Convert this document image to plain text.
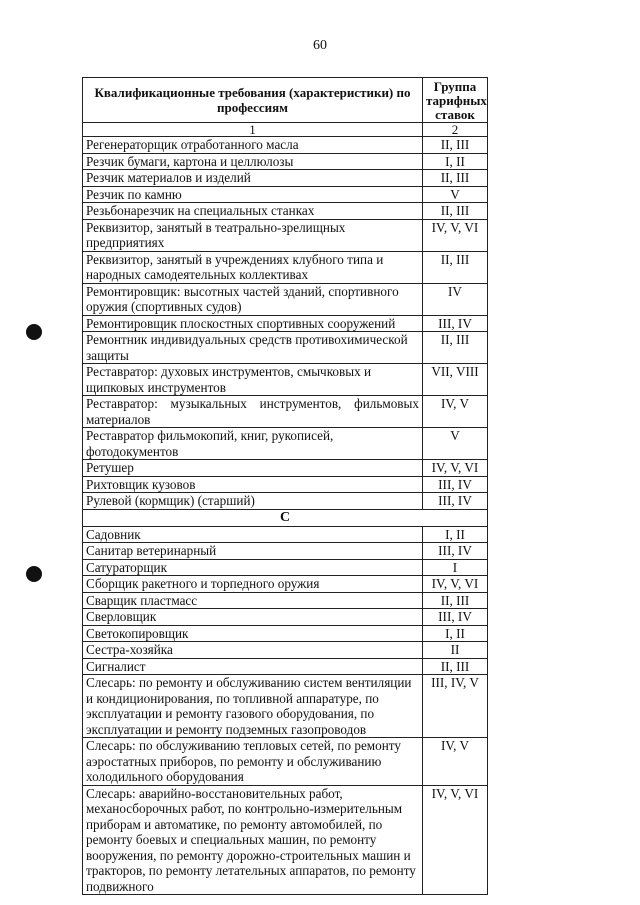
60
Квалификационные требования (характеристики) по профессиям	Группа тарифных ставок
1	2
Регенераторщик отработанного масла	II, III
Резчик бумаги, картона и целлюлозы	I, II
Резчик материалов и изделий	II, III
Резчик по камню	V
Резьбонарезчик на специальных станках	II, III
Реквизитор, занятый в театрально-зрелищных предприятиях	IV, V, VI
Реквизитор, занятый в учреждениях клубного типа и народных самодеятельных коллективах	II, III
Ремонтировщик: высотных частей зданий, спортивного оружия (спортивных судов)	IV
Ремонтировщик плоскостных спортивных сооружений	III, IV
Ремонтник индивидуальных средств противохимической защиты	II, III
Реставратор: духовых инструментов, смычковых и щипковых инструментов	VII, VIII
Реставратор: музыкальных инструментов, фильмовых материалов	IV, V
Реставратор фильмокопий, книг, рукописей, фотодокументов	V
Ретушер	IV, V, VI
Рихтовщик кузовов	III, IV
Рулевой (кормщик) (старший)	III, IV
С	
Садовник	I, II
Санитар ветеринарный	III, IV
Сатураторщик	I
Сборщик ракетного и торпедного оружия	IV, V, VI
Сварщик пластмасс	II, III
Сверловщик	III, IV
Светокопировщик	I, II
Сестра-хозяйка	II
Сигналист	II, III
Слесарь: по ремонту и обслуживанию систем вентиляции и кондиционирования, по топливной аппаратуре, по эксплуатации и ремонту газового оборудования, по эксплуатации и ремонту подземных газопроводов	III, IV, V
Слесарь: по обслуживанию тепловых сетей, по ремонту аэростатных приборов, по ремонту и обслуживанию холодильного оборудования	IV, V
Слесарь: аварийно-восстановительных работ, механосборочных работ, по контрольно-измерительным приборам и автоматике, по ремонту автомобилей, по ремонту боевых и специальных машин, по ремонту вооружения, по ремонту дорожно-строительных машин и тракторов, по ремонту летательных аппаратов, по ремонту подвижного	IV, V, VI
